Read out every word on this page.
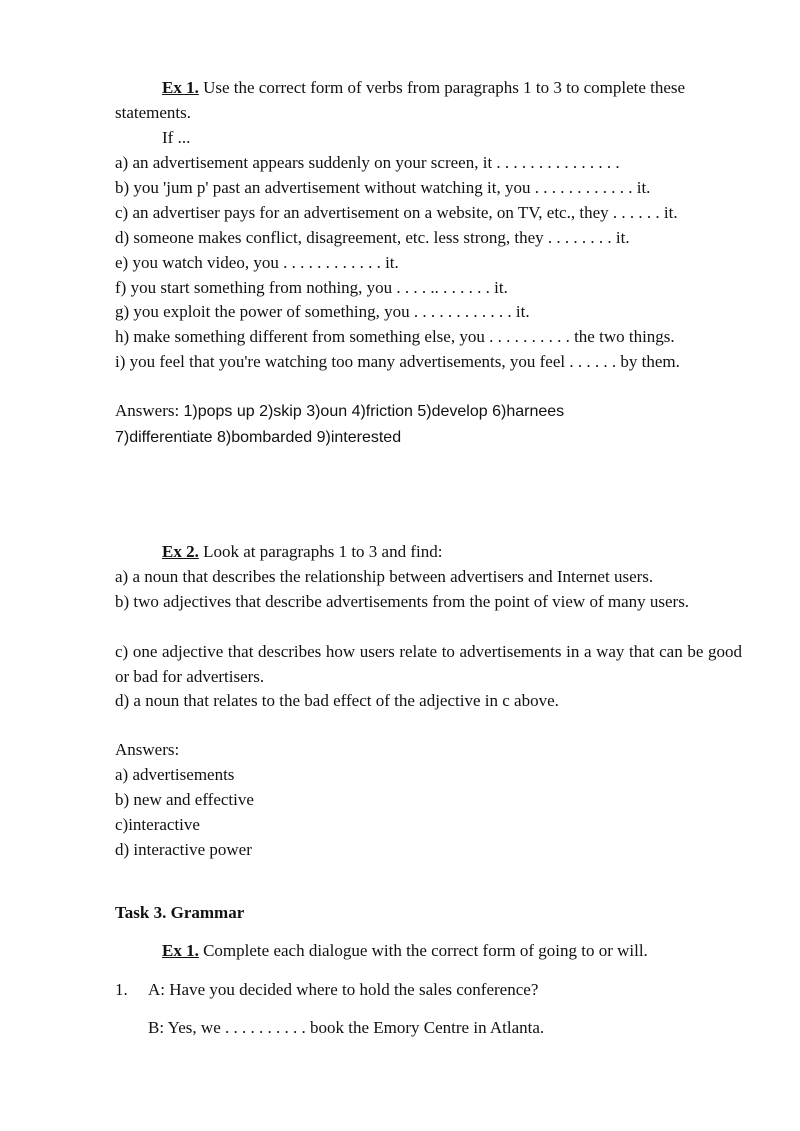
Ex 1. Use the correct form of verbs from paragraphs 1 to 3 to complete these
statements.
If ...
a) an advertisement appears suddenly on your screen, it . . . . . . . . . . . . . . .
b) you 'jum p' past an advertisement without watching it, you . . . . . . . . . . . . it.
c) an advertiser pays for an advertisement on a website, on TV, etc., they . . . . . . it.
d) someone makes conflict, disagreement, etc. less strong, they . . . . . . . . it.
e) you watch video, you . . . . . . . . . . . . it.
f) you start something from nothing, you . . . . .. . . . . . . it.
g) you exploit the power of something, you . . . . . . . . . . . . it.
h) make something different from something else, you . . . . . . . . . . the two things.
i) you feel that you're watching too many advertisements, you feel . . . . . . by them.
Answers: 1)pops up 2)skip 3)oun 4)friction 5)develop 6)harnees
7)differentiate 8)bombarded 9)interested
Ex 2. Look at paragraphs 1 to 3 and find:
a) a noun that describes the relationship between advertisers and Internet users.
b) two adjectives that describe advertisements from the point of view of many users.
c) one adjective that describes how users relate to advertisements in a way that can be good or bad for advertisers.
d) a noun that relates to the bad effect of the adjective in c above.
Answers:
a) advertisements
b) new and effective
c)interactive
d) interactive power
Task 3. Grammar
Ex 1. Complete each dialogue with the correct form of going to or will.
1. A: Have you decided where to hold the sales conference?
B: Yes, we . . . . . . . . . . book the Emory Centre in Atlanta.
